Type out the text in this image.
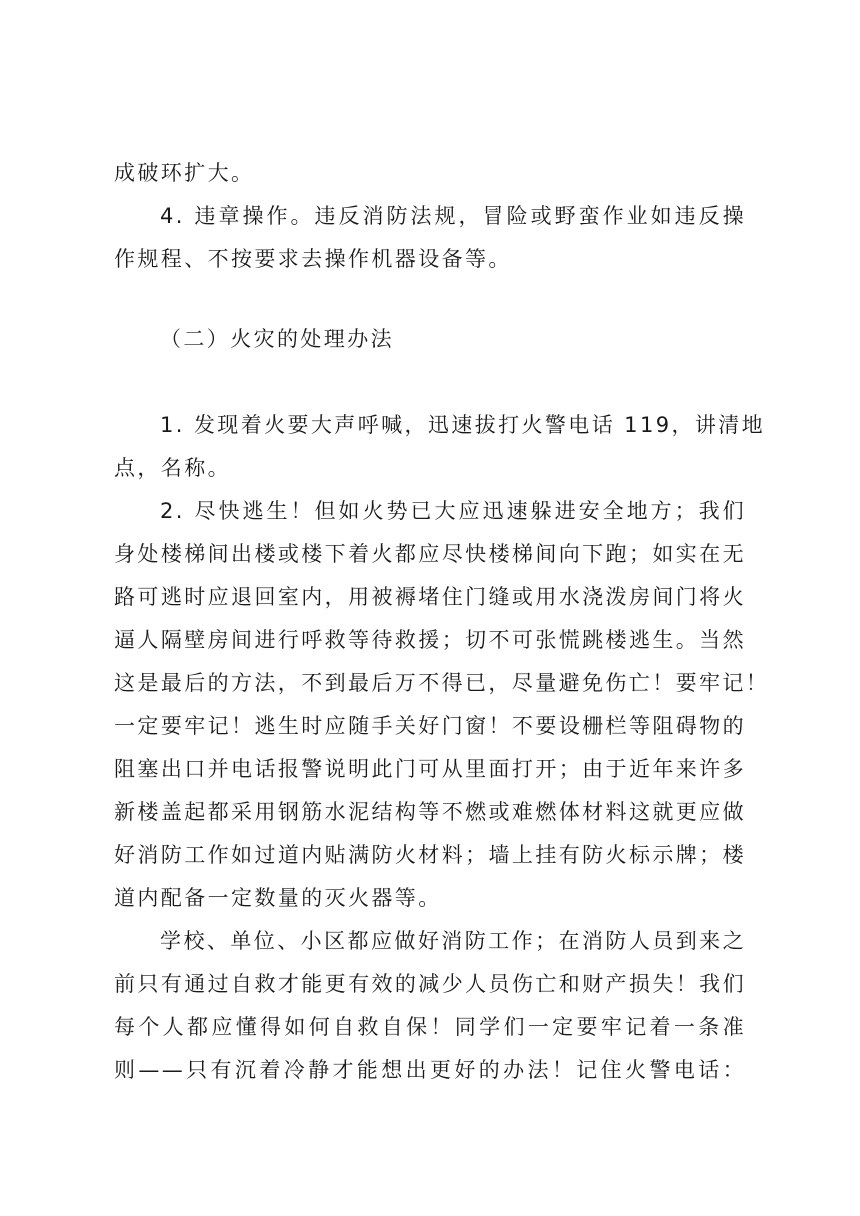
成破环扩大。
4. 违章操作。违反消防法规，冒险或野蛮作业如违反操
作规程、不按要求去操作机器设备等。
（二）火灾的处理办法
1. 发现着火要大声呼喊，迅速拔打火警电话 119，讲清地
点，名称。
2. 尽快逃生！但如火势已大应迅速躲进安全地方；我们
身处楼梯间出楼或楼下着火都应尽快楼梯间向下跑；如实在无
路可逃时应退回室内，用被褥堵住门缝或用水浇泼房间门将火
逼人隔壁房间进行呼救等待救援；切不可张慌跳楼逃生。当然
这是最后的方法，不到最后万不得已，尽量避免伤亡！要牢记！
一定要牢记！逃生时应随手关好门窗！不要设栅栏等阻碍物的
阻塞出口并电话报警说明此门可从里面打开；由于近年来许多
新楼盖起都采用钢筋水泥结构等不燃或难燃体材料这就更应做
好消防工作如过道内贴满防火材料；墙上挂有防火标示牌；楼
道内配备一定数量的灭火器等。
学校、单位、小区都应做好消防工作；在消防人员到来之
前只有通过自救才能更有效的减少人员伤亡和财产损失！我们
每个人都应懂得如何自救自保！同学们一定要牢记着一条准
则——只有沉着冷静才能想出更好的办法！记住火警电话：
